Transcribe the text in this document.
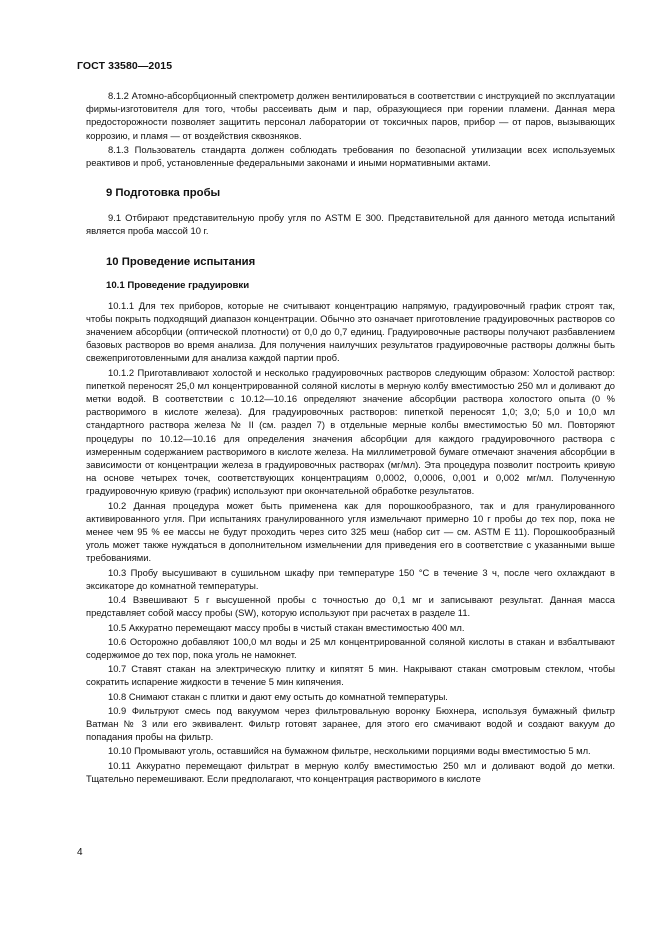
ГОСТ 33580—2015

8.1.2 Атомно-абсорбционный спектрометр должен вентилироваться в соответствии с инструкцией по эксплуатации фирмы-изготовителя для того, чтобы рассеивать дым и пар, образующиеся при горении пламени. Данная мера предосторожности позволяет защитить персонал лаборатории от токсичных паров, прибор — от паров, вызывающих коррозию, и пламя — от воздействия сквозняков.

8.1.3 Пользователь стандарта должен соблюдать требования по безопасной утилизации всех используемых реактивов и проб, установленные федеральными законами и иными нормативными актами.

9 Подготовка пробы

9.1 Отбирают представительную пробу угля по ASTM E 300. Представительной для данного метода испытаний является проба массой 10 г.

10 Проведение испытания
10.1 Проведение градуировки

10.1.1 Для тех приборов, которые не считывают концентрацию напрямую, градуировочный график строят так, чтобы покрыть подходящий диапазон концентрации. Обычно это означает приготовление градуировочных растворов со значением абсорбции (оптической плотности) от 0,0 до 0,7 единиц. Градуировочные растворы получают разбавлением базовых растворов во время анализа. Для получения наилучших результатов градуировочные растворы должны быть свежеприготовленными для анализа каждой партии проб.

10.1.2 Приготавливают холостой и несколько градуировочных растворов следующим образом: Холостой раствор: пипеткой переносят 25,0 мл концентрированной соляной кислоты в мерную колбу вместимостью 250 мл и доливают до метки водой. В соответствии с 10.12—10.16 определяют значение абсорбции раствора холостого опыта (0 % растворимого в кислоте железа). Для градуировочных растворов: пипеткой переносят 1,0; 3,0; 5,0 и 10,0 мл стандартного раствора железа № II (см. раздел 7) в отдельные мерные колбы вместимостью 50 мл. Повторяют процедуры по 10.12—10.16 для определения значения абсорбции для каждого градуировочного раствора с измеренным содержанием растворимого в кислоте железа. На миллиметровой бумаге отмечают значения абсорбции в зависимости от концентрации железа в градуировочных растворах (мг/мл). Эта процедура позволит построить кривую на основе четырех точек, соответствующих концентрациям 0,0002, 0,0006, 0,001 и 0,002 мг/мл. Полученную градуировочную кривую (график) используют при окончательной обработке результатов.

10.2 Данная процедура может быть применена как для порошкообразного, так и для гранулированного активированного угля. При испытаниях гранулированного угля измельчают примерно 10 г пробы до тех пор, пока не менее чем 95 % ее массы не будут проходить через сито 325 меш (набор сит — см. ASTM E 11). Порошкообразный уголь может также нуждаться в дополнительном измельчении для приведения его в соответствие с указанными выше требованиями.

10.3 Пробу высушивают в сушильном шкафу при температуре 150 °С в течение 3 ч, после чего охлаждают в эксикаторе до комнатной температуры.

10.4 Взвешивают 5 г высушенной пробы с точностью до 0,1 мг и записывают результат. Данная масса представляет собой массу пробы (SW), которую используют при расчетах в разделе 11.

10.5 Аккуратно перемещают массу пробы в чистый стакан вместимостью 400 мл.

10.6 Осторожно добавляют 100,0 мл воды и 25 мл концентрированной соляной кислоты в стакан и взбалтывают содержимое до тех пор, пока уголь не намокнет.

10.7 Ставят стакан на электрическую плитку и кипятят 5 мин. Накрывают стакан смотровым стеклом, чтобы сократить испарение жидкости в течение 5 мин кипячения.

10.8 Снимают стакан с плитки и дают ему остыть до комнатной температуры.

10.9 Фильтруют смесь под вакуумом через фильтровальную воронку Бюхнера, используя бумажный фильтр Ватман № 3 или его эквивалент. Фильтр готовят заранее, для этого его смачивают водой и создают вакуум до попадания пробы на фильтр.

10.10 Промывают уголь, оставшийся на бумажном фильтре, несколькими порциями воды вместимостью 5 мл.

10.11 Аккуратно перемещают фильтрат в мерную колбу вместимостью 250 мл и доливают водой до метки. Тщательно перемешивают. Если предполагают, что концентрация растворимого в кислоте

4
